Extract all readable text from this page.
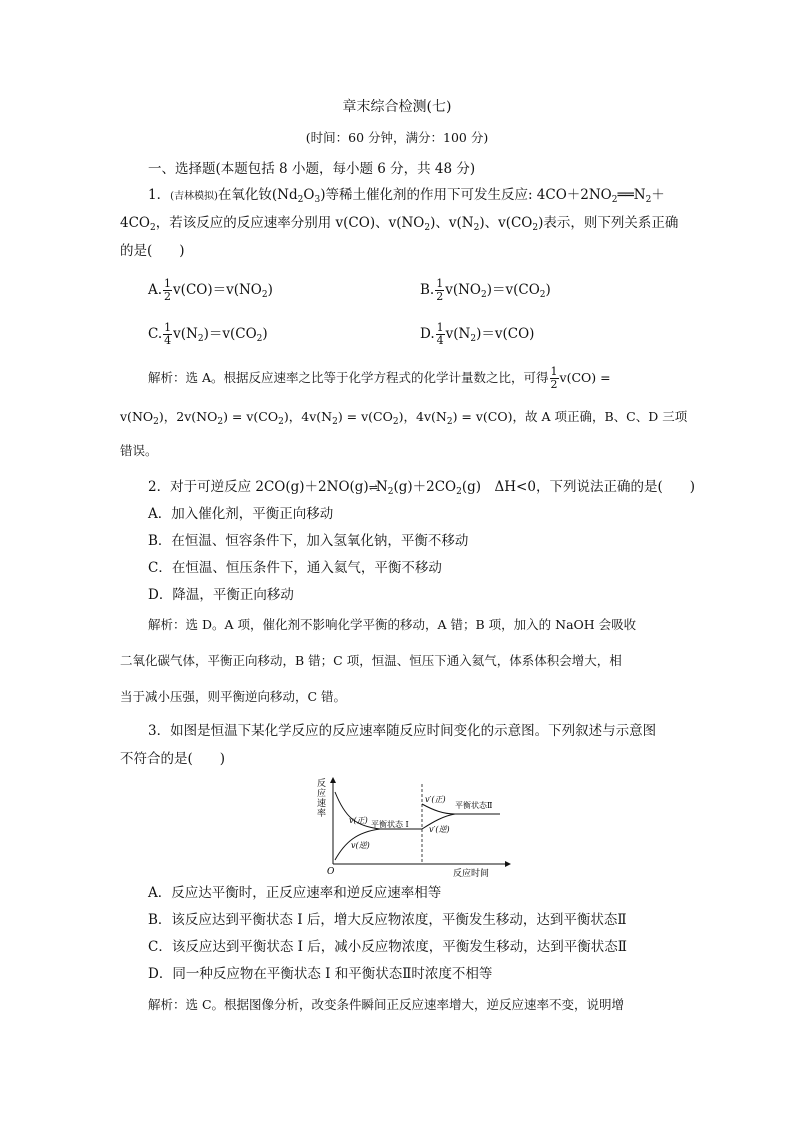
章末综合检测(七)
(时间：60 分钟，满分：100 分)
一、选择题(本题包括 8 小题，每小题 6 分，共 48 分)
1．(吉林模拟)在氧化钕$(Nd_2O_3)$等稀土催化剂的作用下可发生反应: $4CO+2NO_2══N_2+$
$4CO_2$，若该反应的反应速率分别用 v(CO)、$v(NO_2)$、$v(N_2)$、$v(CO_2)$表示，则下列关系正确
的是(　　)
A. $\frac{1}{2} v(CO)=v(NO_2)$	B. $\frac{1}{2} v(NO_2)=v(CO_2)$
C. $\frac{1}{4} v(N_2)=v(CO_2)$	D. $\frac{1}{4} v(N_2)=v(CO)$
解析：选 A。根据反应速率之比等于化学方程式的化学计量数之比，可得 $\frac{1}{2} v(CO)$ =
$v(NO_2)$，$2v(NO_2) = v(CO_2)$，$4v(N_2) = v(CO_2)$，$4v(N_2) = v(CO)$，故 A 项正确，B、C、D 三项
错误。
2．对于可逆反应 $2CO(g)+2NO(g)\rightleftharpoons N_2(g)+2CO_2(g)$　ΔH<0，下列说法正确的是(　　)
A．加入催化剂，平衡正向移动
B．在恒温、恒容条件下，加入氢氧化钠，平衡不移动
C．在恒温、恒压条件下，通入氦气，平衡不移动
D．降温，平衡正向移动
解析：选 D。A 项，催化剂不影响化学平衡的移动，A 错；B 项，加入的 NaOH 会吸收
二氧化碳气体，平衡正向移动，B 错；C 项，恒温、恒压下通入氦气，体系体积会增大，相
当于减小压强，则平衡逆向移动，C 错。
3．如图是恒温下某化学反应的反应速率随反应时间变化的示意图。下列叙述与示意图
不符合的是(　　)
反
应
速
率
O	反应时间
v(正)
v(逆)
平衡状态 I
v′(正)
平衡状态Ⅱ
v′(逆)
A．反应达平衡时，正反应速率和逆反应速率相等
B．该反应达到平衡状态 I 后，增大反应物浓度，平衡发生移动，达到平衡状态Ⅱ
C．该反应达到平衡状态 I 后，减小反应物浓度，平衡发生移动，达到平衡状态Ⅱ
D．同一种反应物在平衡状态 I 和平衡状态Ⅱ时浓度不相等
解析：选 C。根据图像分析，改变条件瞬间正反应速率增大，逆反应速率不变，说明增
